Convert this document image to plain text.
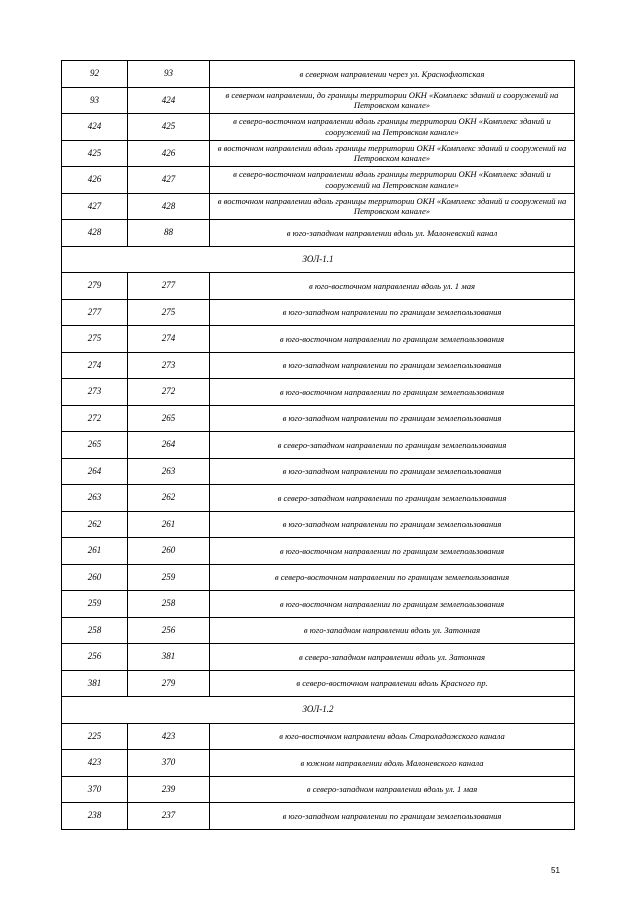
92	93	в северном направлении через ул. Краснофлотская
93	424	в северном направлении, до границы территории ОКН «Комплекс зданий и сооружений на Петровском канале»
424	425	в северо-восточном направлении вдоль границы территории ОКН «Комплекс зданий и сооружений на Петровском канале»
425	426	в восточном направлении вдоль границы территории ОКН «Комплекс зданий и сооружений на Петровском канале»
426	427	в северо-восточном направлении вдоль границы территории ОКН «Комплекс зданий и сооружений на Петровском канале»
427	428	в восточном направлении вдоль границы территории ОКН «Комплекс зданий и сооружений на Петровском канале»
428	88	в юго-западном направлении вдоль ул. Малоневский канал
ЗОЛ-1.1		
279	277	в юго-восточном направлении вдоль ул. 1 мая
277	275	в юго-западном направлении по границам землепользования
275	274	в юго-восточном направлении по границам землепользования
274	273	в юго-западном направлении по границам землепользования
273	272	в юго-восточном направлении по границам землепользования
272	265	в юго-западном направлении по границам землепользования
265	264	в северо-западном направлении по границам землепользования
264	263	в юго-западном направлении по границам землепользования
263	262	в северо-западном направлении по границам землепользования
262	261	в юго-западном направлении по границам землепользования
261	260	в юго-восточном направлении по границам землепользования
260	259	в северо-восточном направлении по границам землепользования
259	258	в юго-восточном направлении по границам землепользования
258	256	в юго-западном направлении вдоль ул. Затонная
256	381	в северо-западном направлении вдоль ул. Затонная
381	279	в северо-восточном направлении вдоль Красного пр.
ЗОЛ-1.2		
225	423	в юго-восточном направлени вдоль Староладожского канала
423	370	в южном направлении вдоль Малоневского канала
370	239	в северо-западном направлении вдоль ул. 1 мая
238	237	в юго-западном направлении по границам землепользования
51
